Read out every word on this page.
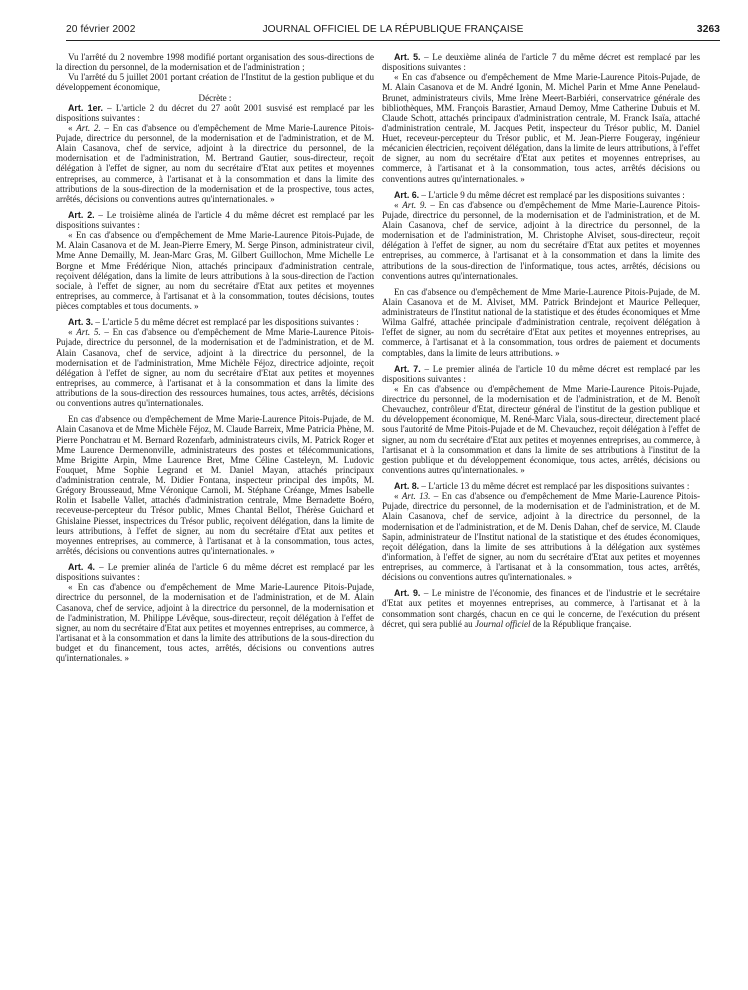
20 février 2002	JOURNAL OFFICIEL DE LA RÉPUBLIQUE FRANÇAISE	3263

Vu l'arrêté du 2 novembre 1998 modifié portant organisation des sous-directions de la direction du personnel, de la modernisation et de l'administration ;

Vu l'arrêté du 5 juillet 2001 portant création de l'Institut de la gestion publique et du développement économique,

Décrète :

Art. 1er. – L'article 2 du décret du 27 août 2001 susvisé est remplacé par les dispositions suivantes :

« Art. 2. – En cas d'absence ou d'empêchement de Mme Marie-Laurence Pitois-Pujade, directrice du personnel, de la modernisation et de l'administration, et de M. Alain Casanova, chef de service, adjoint à la directrice du personnel, de la modernisation et de l'administration, M. Bertrand Gautier, sous-directeur, reçoit délégation à l'effet de signer, au nom du secrétaire d'Etat aux petites et moyennes entreprises, au commerce, à l'artisanat et à la consommation et dans la limite des attributions de la sous-direction de la modernisation et de la prospective, tous actes, arrêtés, décisions ou conventions autres qu'internationales. »

Art. 2. – Le troisième alinéa de l'article 4 du même décret est remplacé par les dispositions suivantes :

« En cas d'absence ou d'empêchement de Mme Marie-Laurence Pitois-Pujade, de M. Alain Casanova et de M. Jean-Pierre Emery, M. Serge Pinson, administrateur civil, Mme Anne Demailly, M. Jean-Marc Gras, M. Gilbert Guillochon, Mme Michelle Le Borgne et Mme Frédérique Nion, attachés principaux d'administration centrale, reçoivent délégation, dans la limite de leurs attributions à la sous-direction de l'action sociale, à l'effet de signer, au nom du secrétaire d'Etat aux petites et moyennes entreprises, au commerce, à l'artisanat et à la consommation, toutes décisions, toutes pièces comptables et tous documents. »

Art. 3. – L'article 5 du même décret est remplacé par les dispositions suivantes :

« Art. 5. – En cas d'absence ou d'empêchement de Mme Marie-Laurence Pitois-Pujade, directrice du personnel, de la modernisation et de l'administration, et de M. Alain Casanova, chef de service, adjoint à la directrice du personnel, de la modernisation et de l'administration, Mme Michèle Féjoz, directrice adjointe, reçoit délégation à l'effet de signer, au nom du secrétaire d'Etat aux petites et moyennes entreprises, au commerce, à l'artisanat et à la consommation et dans la limite des attributions de la sous-direction des ressources humaines, tous actes, arrêtés, décisions ou conventions autres qu'internationales.

En cas d'absence ou d'empêchement de Mme Marie-Laurence Pitois-Pujade, de M. Alain Casanova et de Mme Michèle Féjoz, M. Claude Barreix, Mme Patricia Phène, M. Pierre Ponchatrau et M. Bernard Rozenfarb, administrateurs civils, M. Patrick Roger et Mme Laurence Dermenonville, administrateurs des postes et télécommunications, Mme Brigitte Arpin, Mme Laurence Bret, Mme Céline Casteleyn, M. Ludovic Fouquet, Mme Sophie Legrand et M. Daniel Mayan, attachés principaux d'administration centrale, M. Didier Fontana, inspecteur principal des impôts, M. Grégory Brousseaud, Mme Véronique Carnoli, M. Stéphane Créange, Mmes Isabelle Rolin et Isabelle Vallet, attachés d'administration centrale, Mme Bernadette Boéro, receveuse-percepteur du Trésor public, Mmes Chantal Bellot, Thérèse Guichard et Ghislaine Piesset, inspectrices du Trésor public, reçoivent délégation, dans la limite de leurs attributions, à l'effet de signer, au nom du secrétaire d'Etat aux petites et moyennes entreprises, au commerce, à l'artisanat et à la consommation, tous actes, arrêtés, décisions ou conventions autres qu'internationales. »

Art. 4. – Le premier alinéa de l'article 6 du même décret est remplacé par les dispositions suivantes :

« En cas d'abence ou d'empêchement de Mme Marie-Laurence Pitois-Pujade, directrice du personnel, de la modernisation et de l'administration, et de M. Alain Casanova, chef de service, adjoint à la directrice du personnel, de la modernisation et de l'administration, M. Philippe Lévêque, sous-directeur, reçoit délégation à l'effet de signer, au nom du secrétaire d'Etat aux petites et moyennes entreprises, au commerce, à l'artisanat et à la consommation et dans la limite des attributions de la sous-direction du budget et du financement, tous actes, arrêtés, décisions ou conventions autres qu'internationales. »

Art. 5. – Le deuxième alinéa de l'article 7 du même décret est remplacé par les dispositions suivantes :

« En cas d'absence ou d'empêchement de Mme Marie-Laurence Pitois-Pujade, de M. Alain Casanova et de M. André Igonin, M. Michel Parin et Mme Anne Penelaud-Brunet, administrateurs civils, Mme Irène Meert-Barbiéri, conservatrice générale des bibliothèques, MM. François Barastier, Arnaud Demoy, Mme Catherine Dubuis et M. Claude Schott, attachés principaux d'administration centrale, M. Franck Isaïa, attaché d'administration centrale, M. Jacques Petit, inspecteur du Trésor public, M. Daniel Huet, receveur-percepteur du Trésor public, et M. Jean-Pierre Fougeray, ingénieur mécanicien électricien, reçoivent délégation, dans la limite de leurs attributions, à l'effet de signer, au nom du secrétaire d'Etat aux petites et moyennes entreprises, au commerce, à l'artisanat et à la consommation, tous actes, arrêtés décisions ou conventions autres qu'internationales. »

Art. 6. – L'article 9 du même décret est remplacé par les dispositions suivantes :

« Art. 9. – En cas d'absence ou d'empêchement de Mme Marie-Laurence Pitois-Pujade, directrice du personnel, de la modernisation et de l'administration, et de M. Alain Casanova, chef de service, adjoint à la directrice du personnel, de la modernisation et de l'administration, M. Christophe Alviset, sous-directeur, reçoit délégation à l'effet de signer, au nom du secrétaire d'Etat aux petites et moyennes entreprises, au commerce, à l'artisanat et à la consommation et dans la limite des attributions de la sous-direction de l'informatique, tous actes, arrêtés, décisions ou conventions autres qu'internationales.

En cas d'absence ou d'empêchement de Mme Marie-Laurence Pitois-Pujade, de M. Alain Casanova et de M. Alviset, MM. Patrick Brindejont et Maurice Pellequer, administrateurs de l'Institut national de la statistique et des études économiques et Mme Wilma Galfré, attachée principale d'administration centrale, reçoivent délégation à l'effet de signer, au nom du secrétaire d'Etat aux petites et moyennes entreprises, au commerce, à l'artisanat et à la consommation, tous ordres de paiement et documents comptables, dans la limite de leurs attributions. »

Art. 7. – Le premier alinéa de l'article 10 du même décret est remplacé par les dispositions suivantes :

« En cas d'absence ou d'empêchement de Mme Marie-Laurence Pitois-Pujade, directrice du personnel, de la modernisation et de l'administration, et de M. Benoît Chevauchez, contrôleur d'Etat, directeur général de l'institut de la gestion publique et du développement économique, M. René-Marc Viala, sous-directeur, directement placé sous l'autorité de Mme Pitois-Pujade et de M. Chevauchez, reçoit délégation à l'effet de signer, au nom du secrétaire d'Etat aux petites et moyennes entreprises, au commerce, à l'artisanat et à la consommation et dans la limite de ses attributions à l'institut de la gestion publique et du développement économique, tous actes, arrêtés, décisions ou conventions autres qu'internationales. »

Art. 8. – L'article 13 du même décret est remplacé par les dispositions suivantes :

« Art. 13. – En cas d'absence ou d'empêchement de Mme Marie-Laurence Pitois-Pujade, directrice du personnel, de la modernisation et de l'administration, et de M. Alain Casanova, chef de service, adjoint à la directrice du personnel, de la modernisation et de l'administration, et de M. Denis Dahan, chef de service, M. Claude Sapin, administrateur de l'Institut national de la statistique et des études économiques, reçoit délégation, dans la limite de ses attributions à la délégation aux systèmes d'information, à l'effet de signer, au nom du secrétaire d'Etat aux petites et moyennes entreprises, au commerce, à l'artisanat et à la consommation, tous actes, arrêtés, décisions ou conventions autres qu'internationales. »

Art. 9. – Le ministre de l'économie, des finances et de l'industrie et le secrétaire d'Etat aux petites et moyennes entreprises, au commerce, à l'artisanat et à la consommation sont chargés, chacun en ce qui le concerne, de l'exécution du présent décret, qui sera publié au Journal officiel de la République française.
